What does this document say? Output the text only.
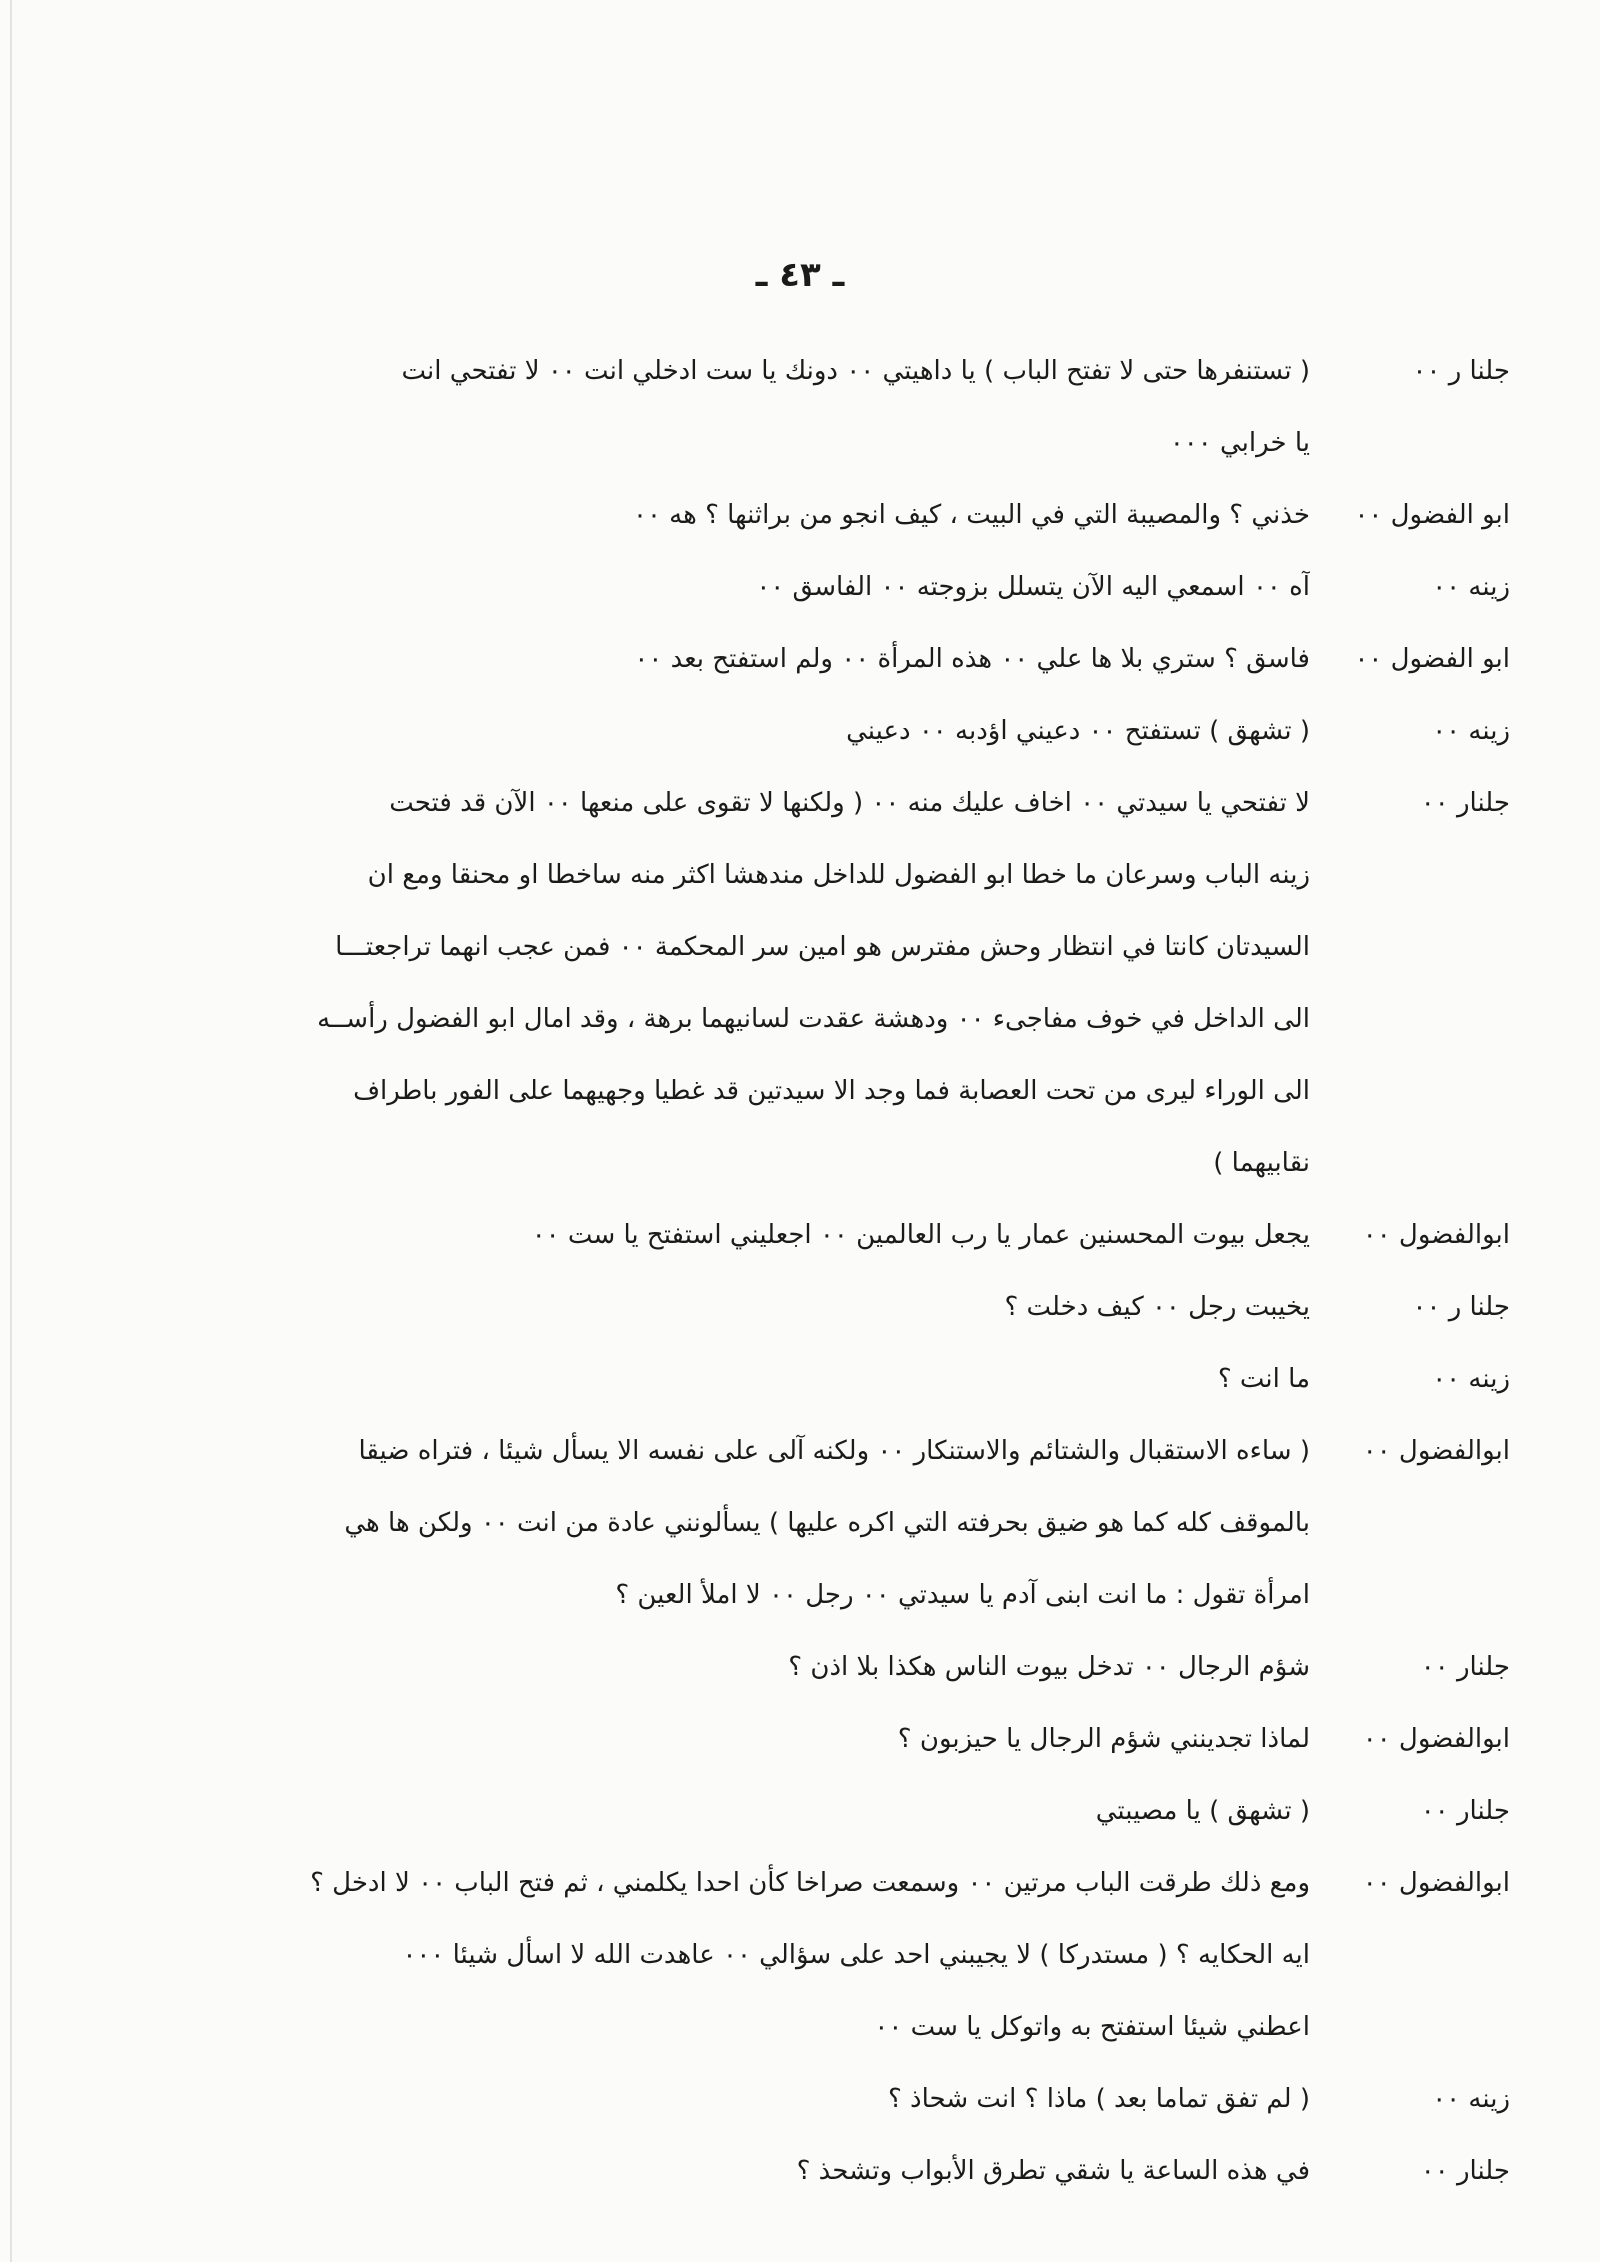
ـ ٤٣ ـ
جلنا ر ٠٠
( تستنفرها حتى لا تفتح الباب ) يا داهيتي ٠٠ دونك يا ست ادخلي انت ٠٠ لا تفتحي انت
يا خرابي ٠٠٠
ابو الفضول ٠٠
خذني ؟ والمصيبة التي في البيت ، كيف انجو من براثنها ؟ هه ٠٠
زينه ٠٠
آه ٠٠ اسمعي اليه الآن يتسلل بزوجته ٠٠ الفاسق ٠٠
ابو الفضول ٠٠
فاسق ؟ ستري بلا ها علي ٠٠ هذه المرأة ٠٠ ولم استفتح بعد ٠٠
زينه ٠٠
( تشهق ) تستفتح ٠٠ دعيني اؤدبه ٠٠ دعيني
جلنار ٠٠
لا تفتحي يا سيدتي ٠٠ اخاف عليك منه ٠٠ ( ولكنها لا تقوى على منعها ٠٠ الآن قد فتحت
زينه الباب وسرعان ما خطا ابو الفضول للداخل مندهشا اكثر منه ساخطا او محنقا ومع ان
السيدتان كانتا في انتظار وحش مفترس هو امين سر المحكمة ٠٠ فمن عجب انهما تراجعتـــا
الى الداخل في خوف مفاجىء ٠٠ ودهشة عقدت لسانيهما برهة ، وقد امال ابو الفضول رأســه
الى الوراء ليرى من تحت العصابة فما وجد الا سيدتين قد غطيا وجهيهما على الفور باطراف
نقابيهما )
ابوالفضول ٠٠
يجعل بيوت المحسنين عمار يا رب العالمين ٠٠ اجعليني استفتح يا ست ٠٠
جلنا ر ٠٠
يخيبت رجل ٠٠ كيف دخلت ؟
زينه ٠٠
ما انت ؟
ابوالفضول ٠٠
( ساءه الاستقبال والشتائم والاستنكار ٠٠ ولكنه آلى على نفسه الا يسأل شيئا ، فتراه ضيقا
بالموقف كله كما هو ضيق بحرفته التي اكره عليها ) يسألونني عادة من انت ٠٠ ولكن ها هي
امرأة تقول : ما انت ابنى آدم يا سيدتي ٠٠ رجل ٠٠ لا املأ العين ؟
جلنار ٠٠
شؤم الرجال ٠٠ تدخل بيوت الناس هكذا بلا اذن ؟
ابوالفضول ٠٠
لماذا تجدينني شؤم الرجال يا حيزبون ؟
جلنار ٠٠
( تشهق ) يا مصيبتي
ابوالفضول ٠٠
ومع ذلك طرقت الباب مرتين ٠٠ وسمعت صراخا كأن احدا يكلمني ، ثم فتح الباب ٠٠ لا ادخل ؟
ايه الحكايه ؟ ( مستدركا ) لا يجيبني احد على سؤالي ٠٠ عاهدت الله لا اسأل شيئا ٠٠٠
اعطني شيئا استفتح به واتوكل يا ست ٠٠
زينه ٠٠
( لم تفق تماما بعد ) ماذا ؟ انت شحاذ ؟
جلنار ٠٠
في هذه الساعة يا شقي تطرق الأبواب وتشحذ ؟
